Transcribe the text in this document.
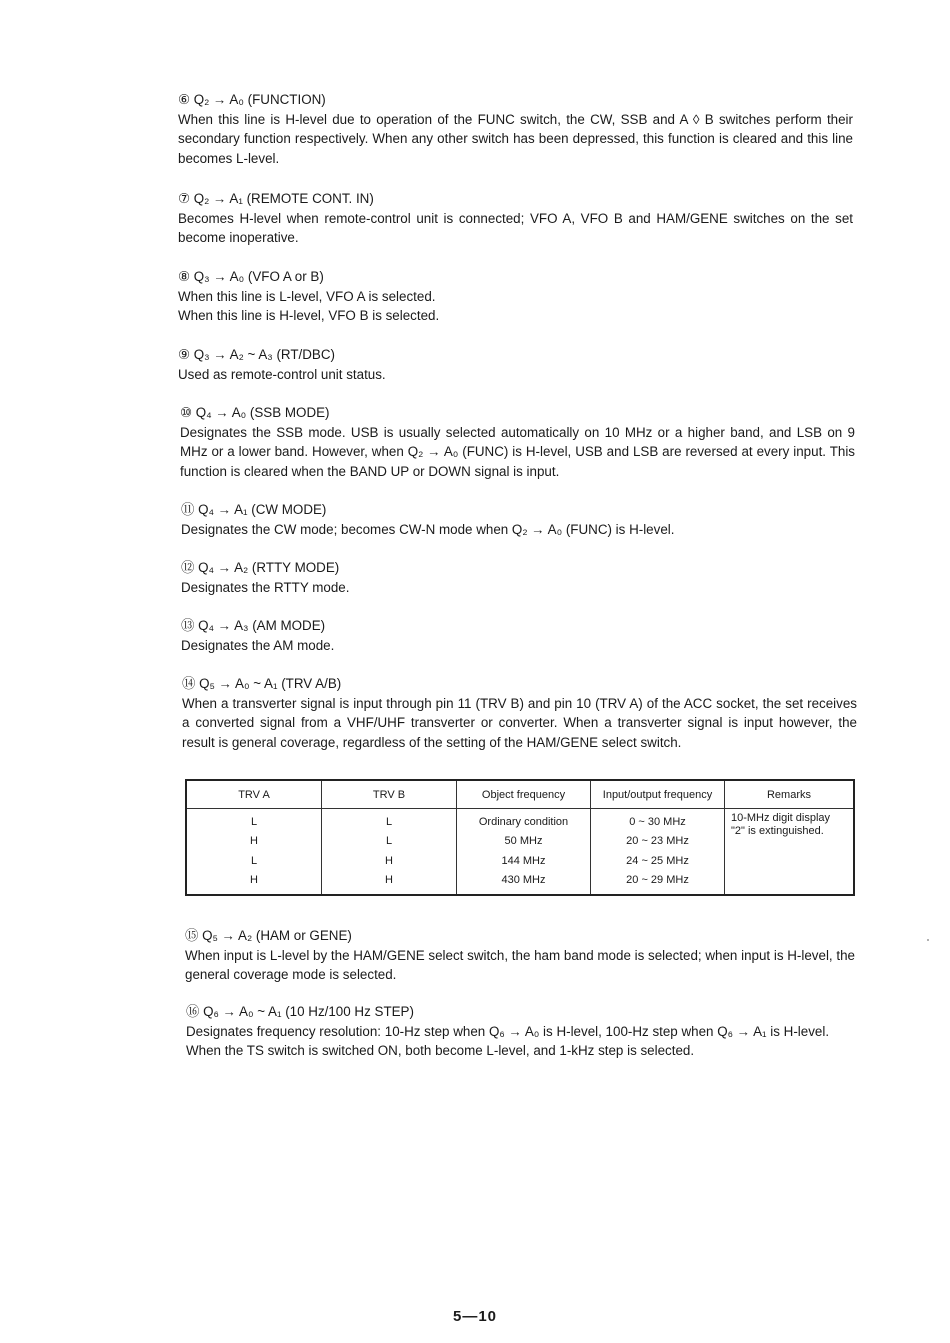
⑥ Q₂ → A₀ (FUNCTION)
When this line is H-level due to operation of the FUNC switch, the CW, SSB and A ◊ B switches perform their secondary function respectively. When any other switch has been depressed, this function is cleared and this line becomes L-level.
⑦ Q₂ → A₁ (REMOTE CONT. IN)
Becomes H-level when remote-control unit is connected; VFO A, VFO B and HAM/GENE switches on the set become inoperative.
⑧ Q₃ → A₀ (VFO A or B)
When this line is L-level, VFO A is selected.
When this line is H-level, VFO B is selected.
⑨ Q₃ → A₂ ~ A₃ (RT/DBC)
Used as remote-control unit status.
⑩ Q₄ → A₀ (SSB MODE)
Designates the SSB mode. USB is usually selected automatically on 10 MHz or a higher band, and LSB on 9 MHz or a lower band. However, when Q₂ → A₀ (FUNC) is H-level, USB and LSB are reversed at every input. This function is cleared when the BAND UP or DOWN signal is input.
⑪ Q₄ → A₁ (CW MODE)
Designates the CW mode; becomes CW-N mode when Q₂ → A₀ (FUNC) is H-level.
⑫ Q₄ → A₂ (RTTY MODE)
Designates the RTTY mode.
⑬ Q₄ → A₃ (AM MODE)
Designates the AM mode.
⑭ Q₅ → A₀ ~ A₁ (TRV A/B)
When a transverter signal is input through pin 11 (TRV B) and pin 10 (TRV A) of the ACC socket, the set receives a converted signal from a VHF/UHF transverter or converter. When a transverter signal is input however, the result is general coverage, regardless of the setting of the HAM/GENE select switch.
TRV A	TRV B	Object frequency	Input/output frequency	Remarks
L	L	Ordinary condition	0 ~ 30 MHz	10-MHz digit display "2" is extinguished.
H	L	50 MHz	20 ~ 23 MHz	
L	H	144 MHz	24 ~ 25 MHz	
H	H	430 MHz	20 ~ 29 MHz	
⑮ Q₅ → A₂ (HAM or GENE)
When input is L-level by the HAM/GENE select switch, the ham band mode is selected; when input is H-level, the general coverage mode is selected.
⑯ Q₆ → A₀ ~ A₁ (10 Hz/100 Hz STEP)
Designates frequency resolution: 10-Hz step when Q₆ → A₀ is H-level, 100-Hz step when Q₆ → A₁ is H-level.
When the TS switch is switched ON, both become L-level, and 1-kHz step is selected.
5—10
